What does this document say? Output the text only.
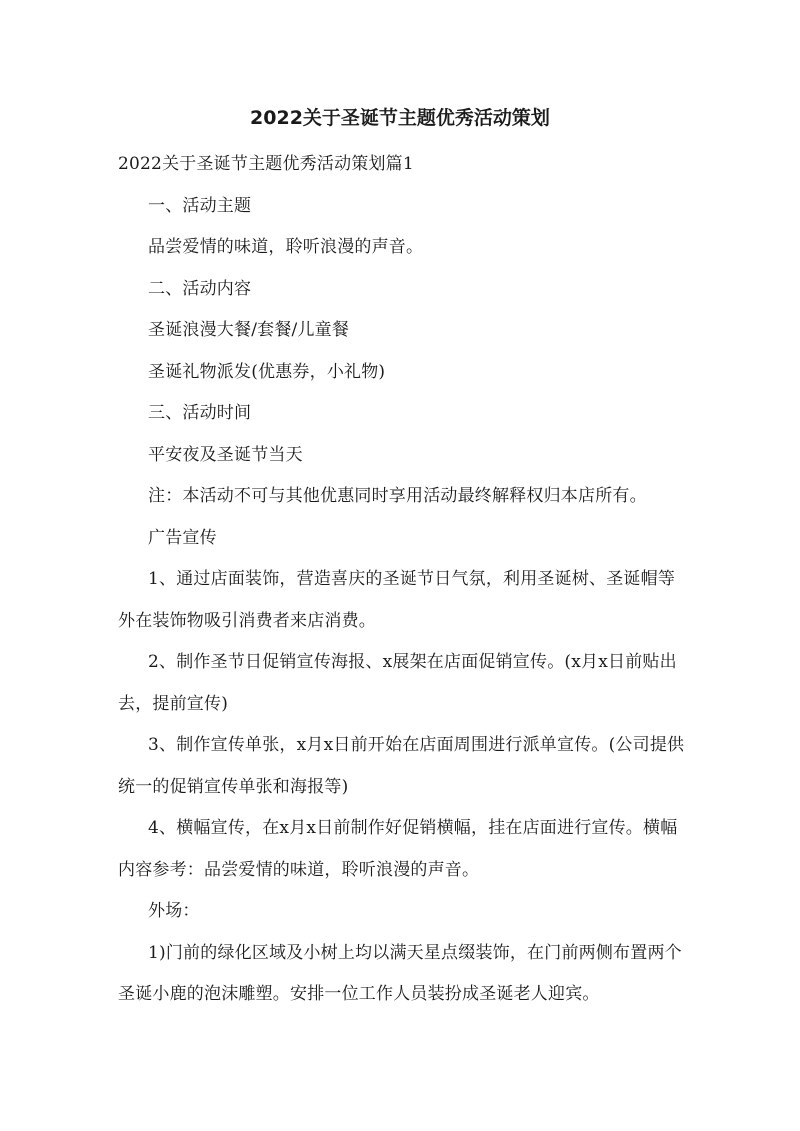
2022关于圣诞节主题优秀活动策划

2022关于圣诞节主题优秀活动策划篇1

一、活动主题

品尝爱情的味道，聆听浪漫的声音。

二、活动内容

圣诞浪漫大餐/套餐/儿童餐

圣诞礼物派发(优惠券，小礼物)

三、活动时间

平安夜及圣诞节当天

注：本活动不可与其他优惠同时享用活动最终解释权归本店所有。

广告宣传

1、通过店面装饰，营造喜庆的圣诞节日气氛，利用圣诞树、圣诞帽等外在装饰物吸引消费者来店消费。

2、制作圣节日促销宣传海报、x展架在店面促销宣传。(x月x日前贴出去，提前宣传)

3、制作宣传单张，x月x日前开始在店面周围进行派单宣传。(公司提供统一的促销宣传单张和海报等)

4、横幅宣传，在x月x日前制作好促销横幅，挂在店面进行宣传。横幅内容参考：品尝爱情的味道，聆听浪漫的声音。

外场：

1)门前的绿化区域及小树上均以满天星点缀装饰，在门前两侧布置两个圣诞小鹿的泡沫雕塑。安排一位工作人员装扮成圣诞老人迎宾。
